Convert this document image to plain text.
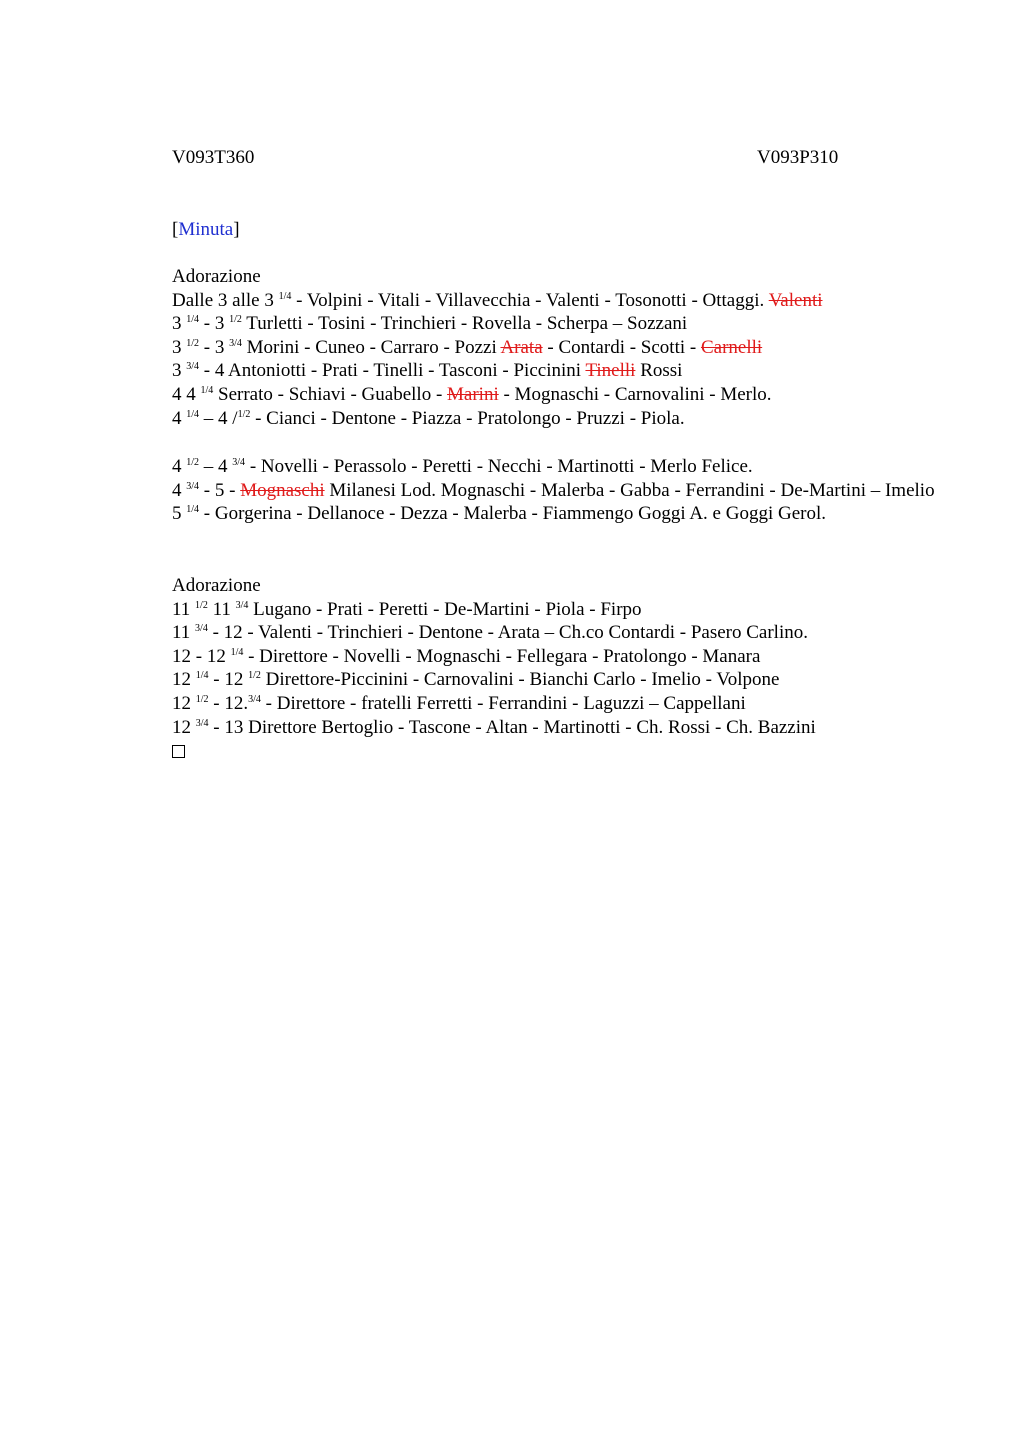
V093T360	V093P310
[Minuta]
Adorazione
Dalle 3 alle 3 $^{1/4}$ - Volpini - Vitali - Villavecchia - Valenti - Tosonotti - Ottaggi. Valenti
3 $^{1/4}$ - 3 $^{1/2}$ Turletti - Tosini - Trinchieri - Rovella - Scherpa – Sozzani
3 $^{1/2}$ - 3 $^{3/4}$ Morini - Cuneo - Carraro - Pozzi Arata - Contardi - Scotti - Carnelli
3 $^{3/4}$ - 4 Antoniotti - Prati - Tinelli - Tasconi - Piccinini Tinelli Rossi
4 4 $^{1/4}$ Serrato - Schiavi - Guabello - Marini - Mognaschi - Carnovalini - Merlo.
4 $^{1/4}$ – 4 /$^{1/2}$ - Cianci - Dentone - Piazza - Pratolongo - Pruzzi - Piola.
4 $^{1/2}$ – 4 $^{3/4}$ - Novelli - Perassolo - Peretti - Necchi - Martinotti - Merlo Felice.
4 $^{3/4}$ - 5 - Mognaschi Milanesi Lod. Mognaschi - Malerba - Gabba - Ferrandini - De-Martini – Imelio
5 $^{1/4}$ - Gorgerina - Dellanoce - Dezza - Malerba - Fiammengo Goggi A. e Goggi Gerol.
Adorazione
11 $^{1/2}$ 11 $^{3/4}$ Lugano - Prati - Peretti - De-Martini - Piola - Firpo
11 $^{3/4}$ - 12 - Valenti - Trinchieri - Dentone - Arata – Ch.co Contardi - Pasero Carlino.
12 - 12 $^{1/4}$ - Direttore - Novelli - Mognaschi - Fellegara - Pratolongo - Manara
12 $^{1/4}$ - 12 $^{1/2}$ Direttore-Piccinini - Carnovalini - Bianchi Carlo - Imelio - Volpone
12 $^{1/2}$ - 12.$^{3/4}$ - Direttore - fratelli Ferretti - Ferrandini - Laguzzi – Cappellani
12 $^{3/4}$ - 13 Direttore Bertoglio - Tascone - Altan - Martinotti - Ch. Rossi - Ch. Bazzini
